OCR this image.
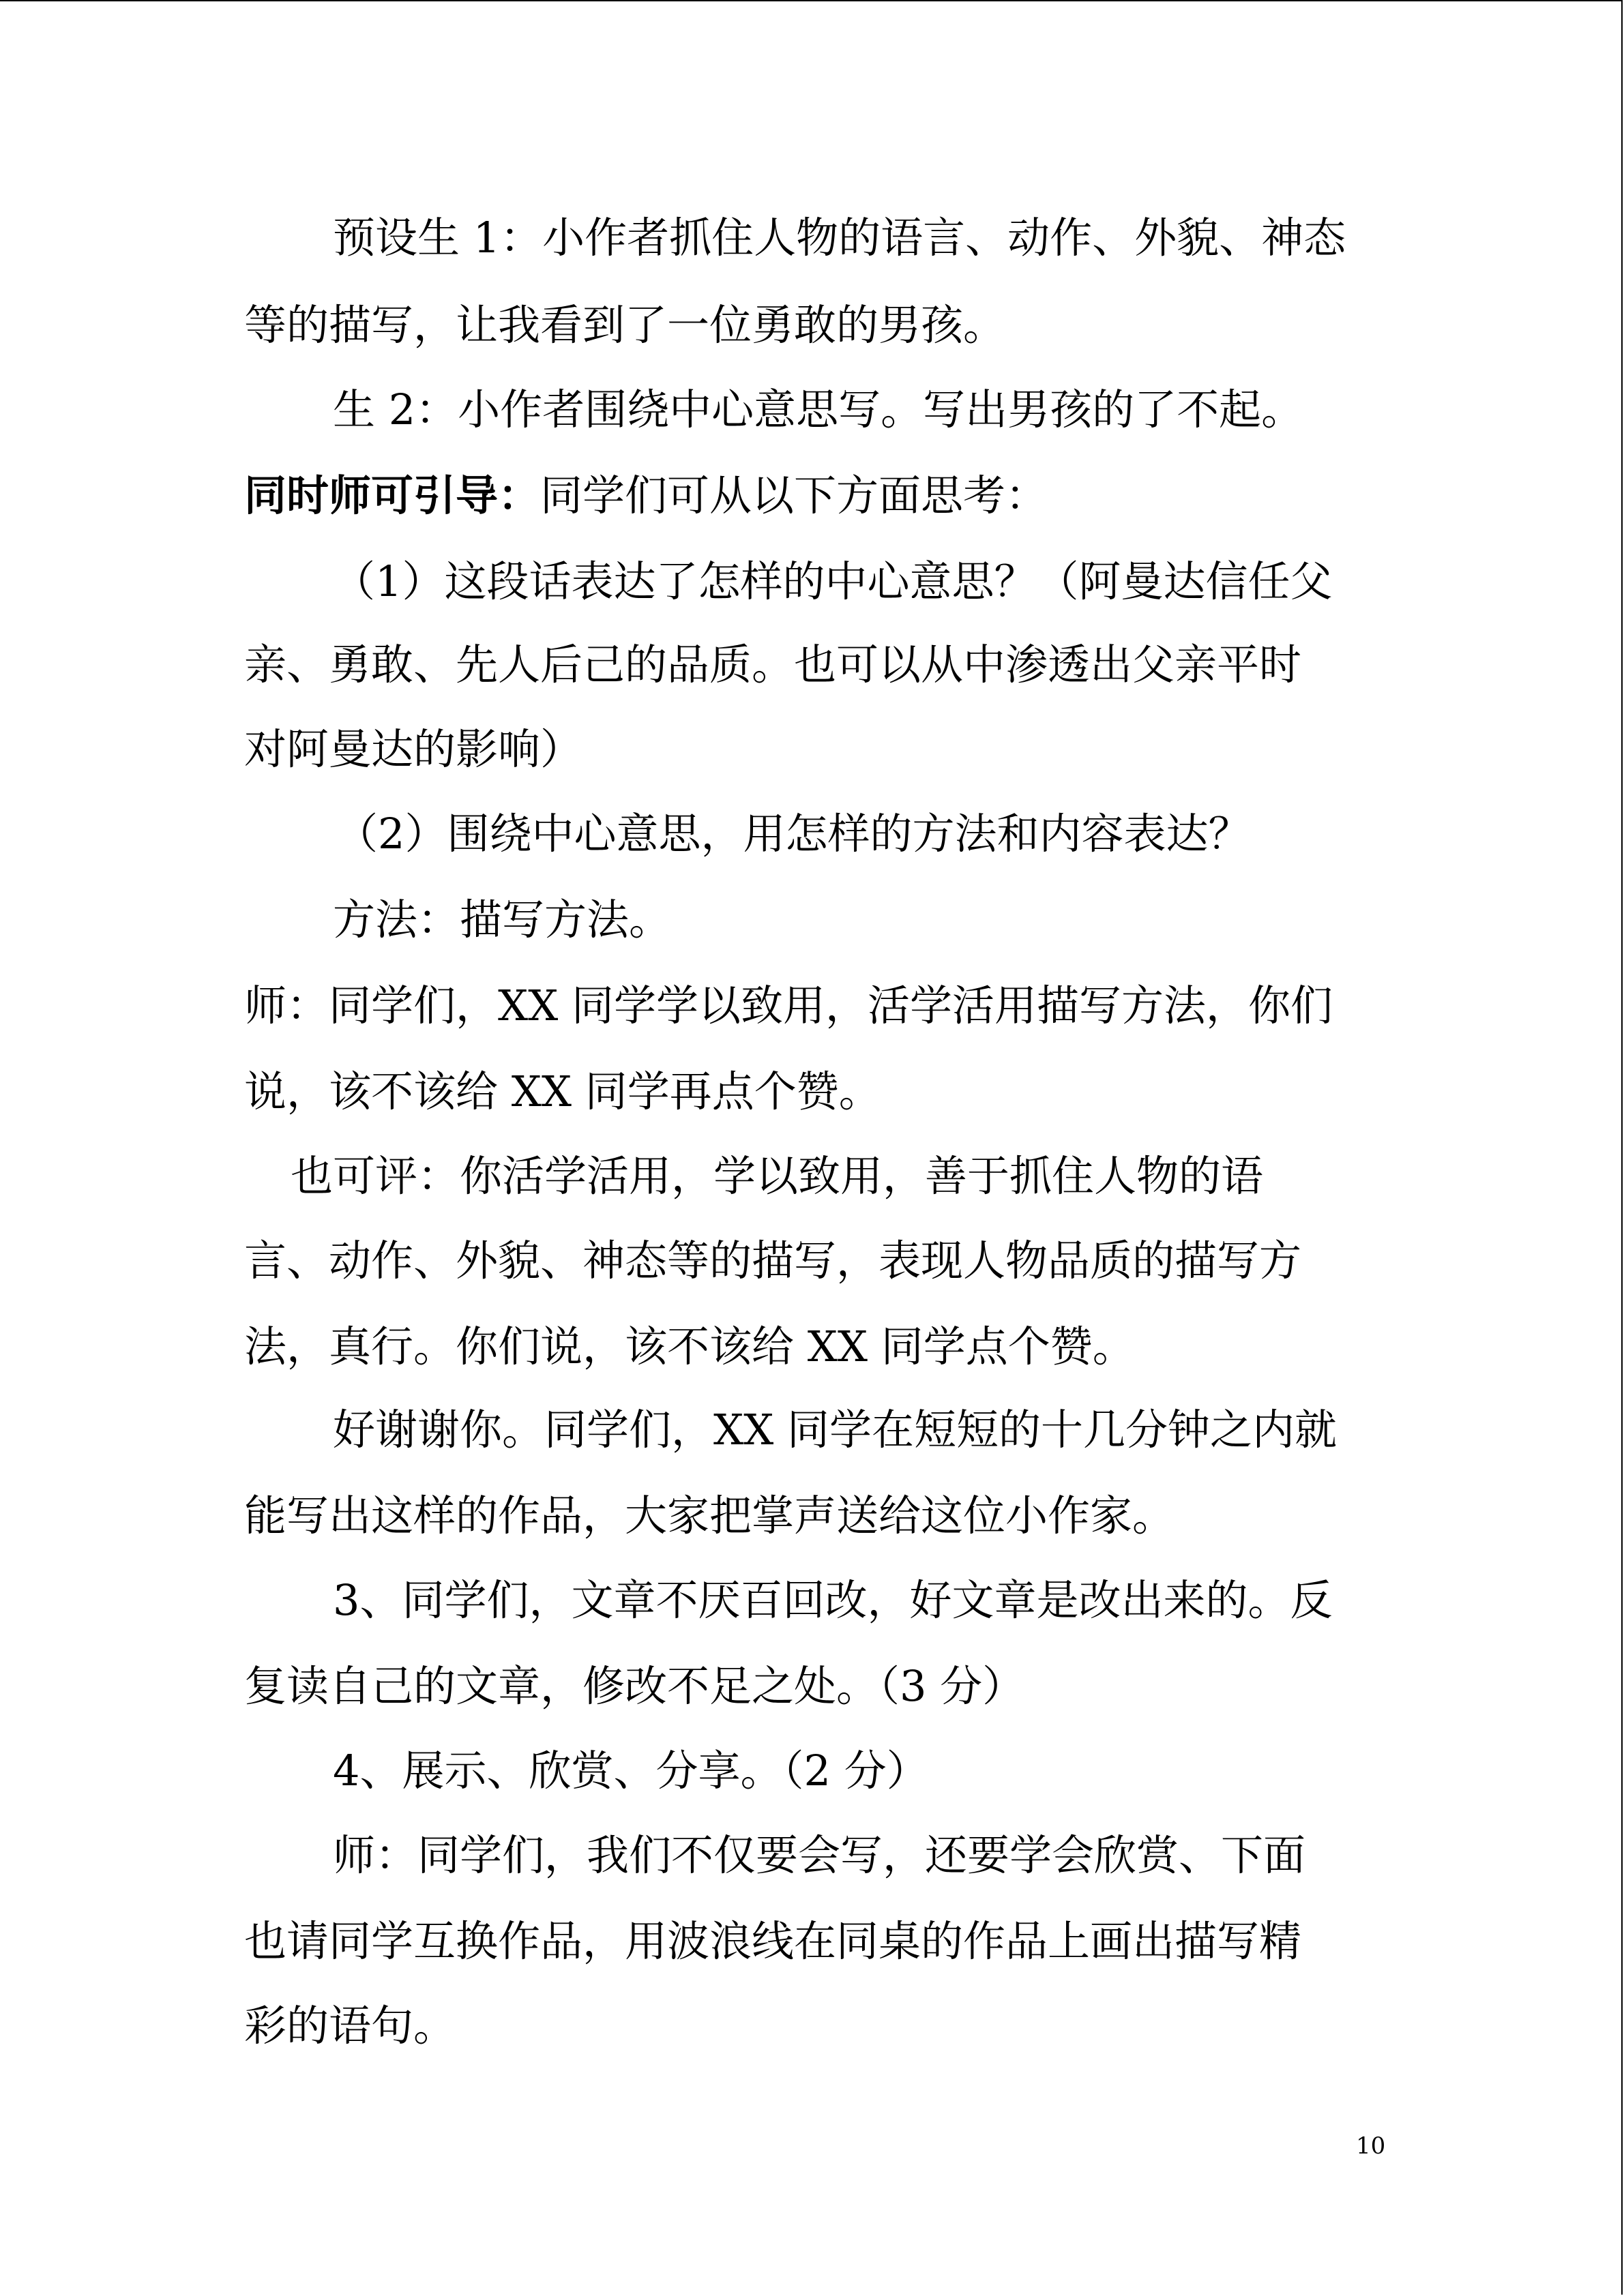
预设生 1：小作者抓住人物的语言、动作、外貌、神态
等的描写，让我看到了一位勇敢的男孩。
生 2：小作者围绕中心意思写。写出男孩的了不起。
同时师可引导：同学们可从以下方面思考：
（1）这段话表达了怎样的中心意思？（阿曼达信任父
亲、勇敢、先人后己的品质。也可以从中渗透出父亲平时
对阿曼达的影响）
（2）围绕中心意思，用怎样的方法和内容表达？
方法：描写方法。
师：同学们，XX 同学学以致用，活学活用描写方法，你们
说，该不该给 XX 同学再点个赞。
也可评：你活学活用，学以致用，善于抓住人物的语
言、动作、外貌、神态等的描写，表现人物品质的描写方
法，真行。你们说，该不该给 XX 同学点个赞。
好谢谢你。同学们，XX 同学在短短的十几分钟之内就
能写出这样的作品，大家把掌声送给这位小作家。
3、同学们，文章不厌百回改，好文章是改出来的。反
复读自己的文章，修改不足之处。（3 分）
4、展示、欣赏、分享。（2 分）
师：同学们，我们不仅要会写，还要学会欣赏、下面
也请同学互换作品，用波浪线在同桌的作品上画出描写精
彩的语句。
10
